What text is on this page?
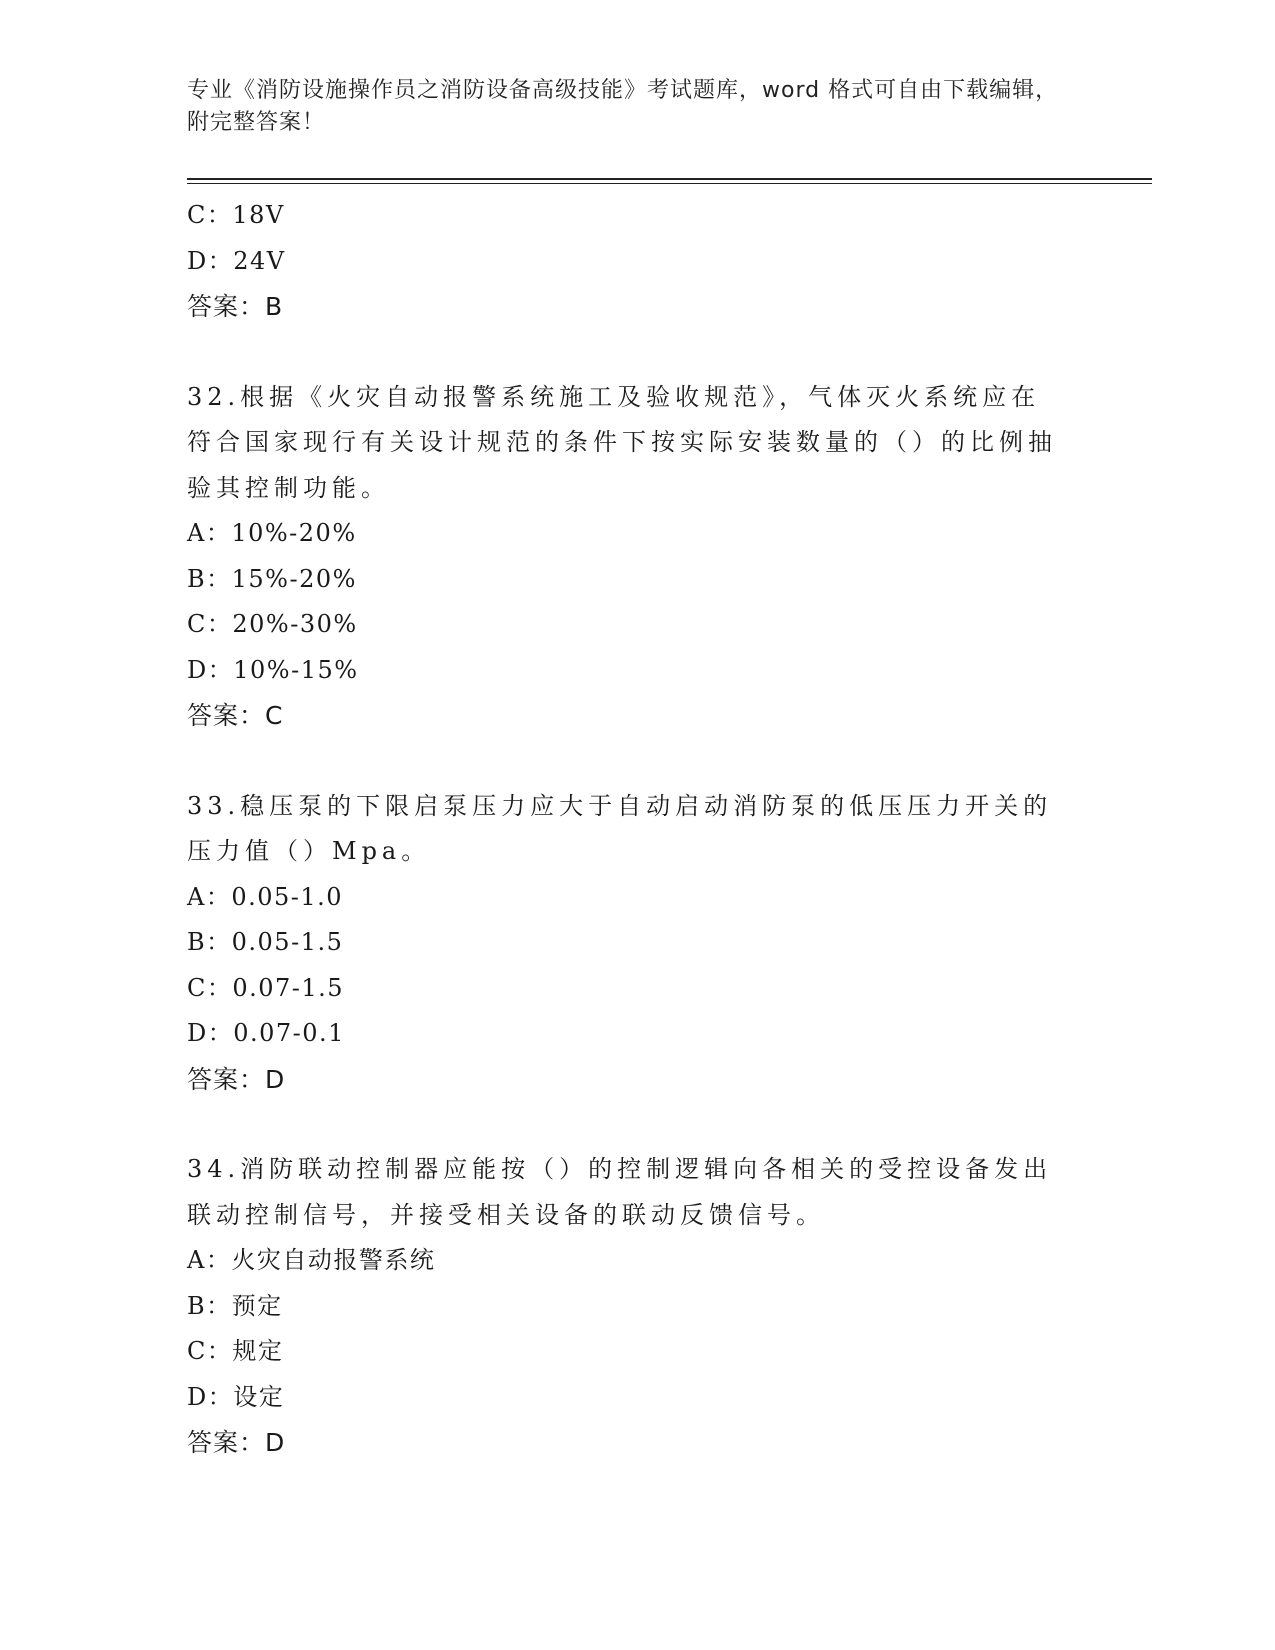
专业《消防设施操作员之消防设备高级技能》考试题库，word 格式可自由下载编辑，附完整答案！

C：18V

D：24V

答案：B

32.根据《火灾自动报警系统施工及验收规范》，气体灭火系统应在符合国家现行有关设计规范的条件下按实际安装数量的（）的比例抽验其控制功能。

A：10%-20%

B：15%-20%

C：20%-30%

D：10%-15%

答案：C

33.稳压泵的下限启泵压力应大于自动启动消防泵的低压压力开关的压力值（）Mpa。

A：0.05-1.0

B：0.05-1.5

C：0.07-1.5

D：0.07-0.1

答案：D

34.消防联动控制器应能按（）的控制逻辑向各相关的受控设备发出联动控制信号，并接受相关设备的联动反馈信号。

A：火灾自动报警系统

B：预定

C：规定

D：设定

答案：D
